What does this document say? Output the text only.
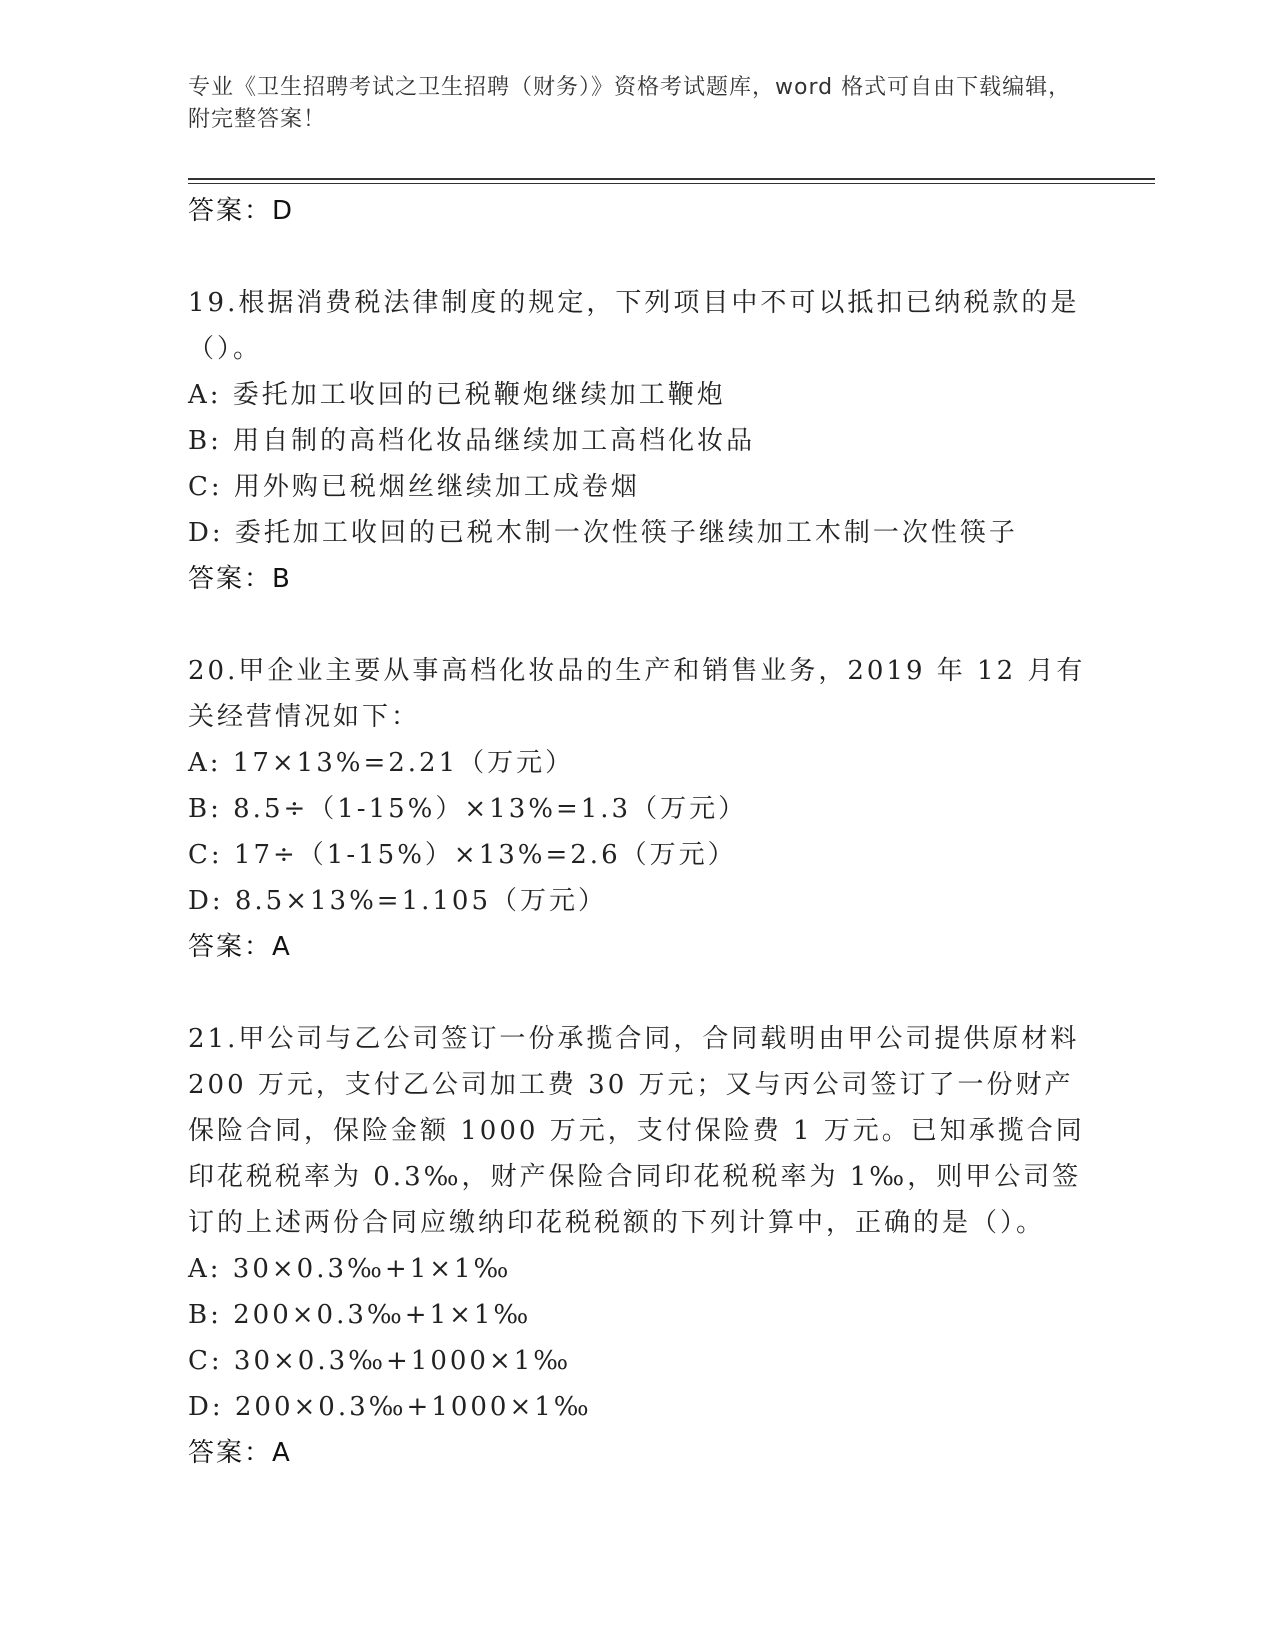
专业《卫生招聘考试之卫生招聘（财务）》资格考试题库，word 格式可自由下载编辑，附完整答案！

答案：D

19.根据消费税法律制度的规定，下列项目中不可以抵扣已纳税款的是（）。

A: 委托加工收回的已税鞭炮继续加工鞭炮

B: 用自制的高档化妆品继续加工高档化妆品

C: 用外购已税烟丝继续加工成卷烟

D: 委托加工收回的已税木制一次性筷子继续加工木制一次性筷子

答案：B

20.甲企业主要从事高档化妆品的生产和销售业务，2019 年 12 月有关经营情况如下：

A: 17×13%=2.21（万元）

B: 8.5÷（1-15%）×13%=1.3（万元）

C: 17÷（1-15%）×13%=2.6（万元）

D: 8.5×13%=1.105（万元）

答案：A

21.甲公司与乙公司签订一份承揽合同，合同载明由甲公司提供原材料 200 万元，支付乙公司加工费 30 万元；又与丙公司签订了一份财产保险合同，保险金额 1000 万元，支付保险费 1 万元。已知承揽合同印花税税率为 0.3‰，财产保险合同印花税税率为 1‰，则甲公司签订的上述两份合同应缴纳印花税税额的下列计算中，正确的是（）。

A: 30×0.3‰+1×1‰

B: 200×0.3‰+1×1‰

C: 30×0.3‰+1000×1‰

D: 200×0.3‰+1000×1‰

答案：A
